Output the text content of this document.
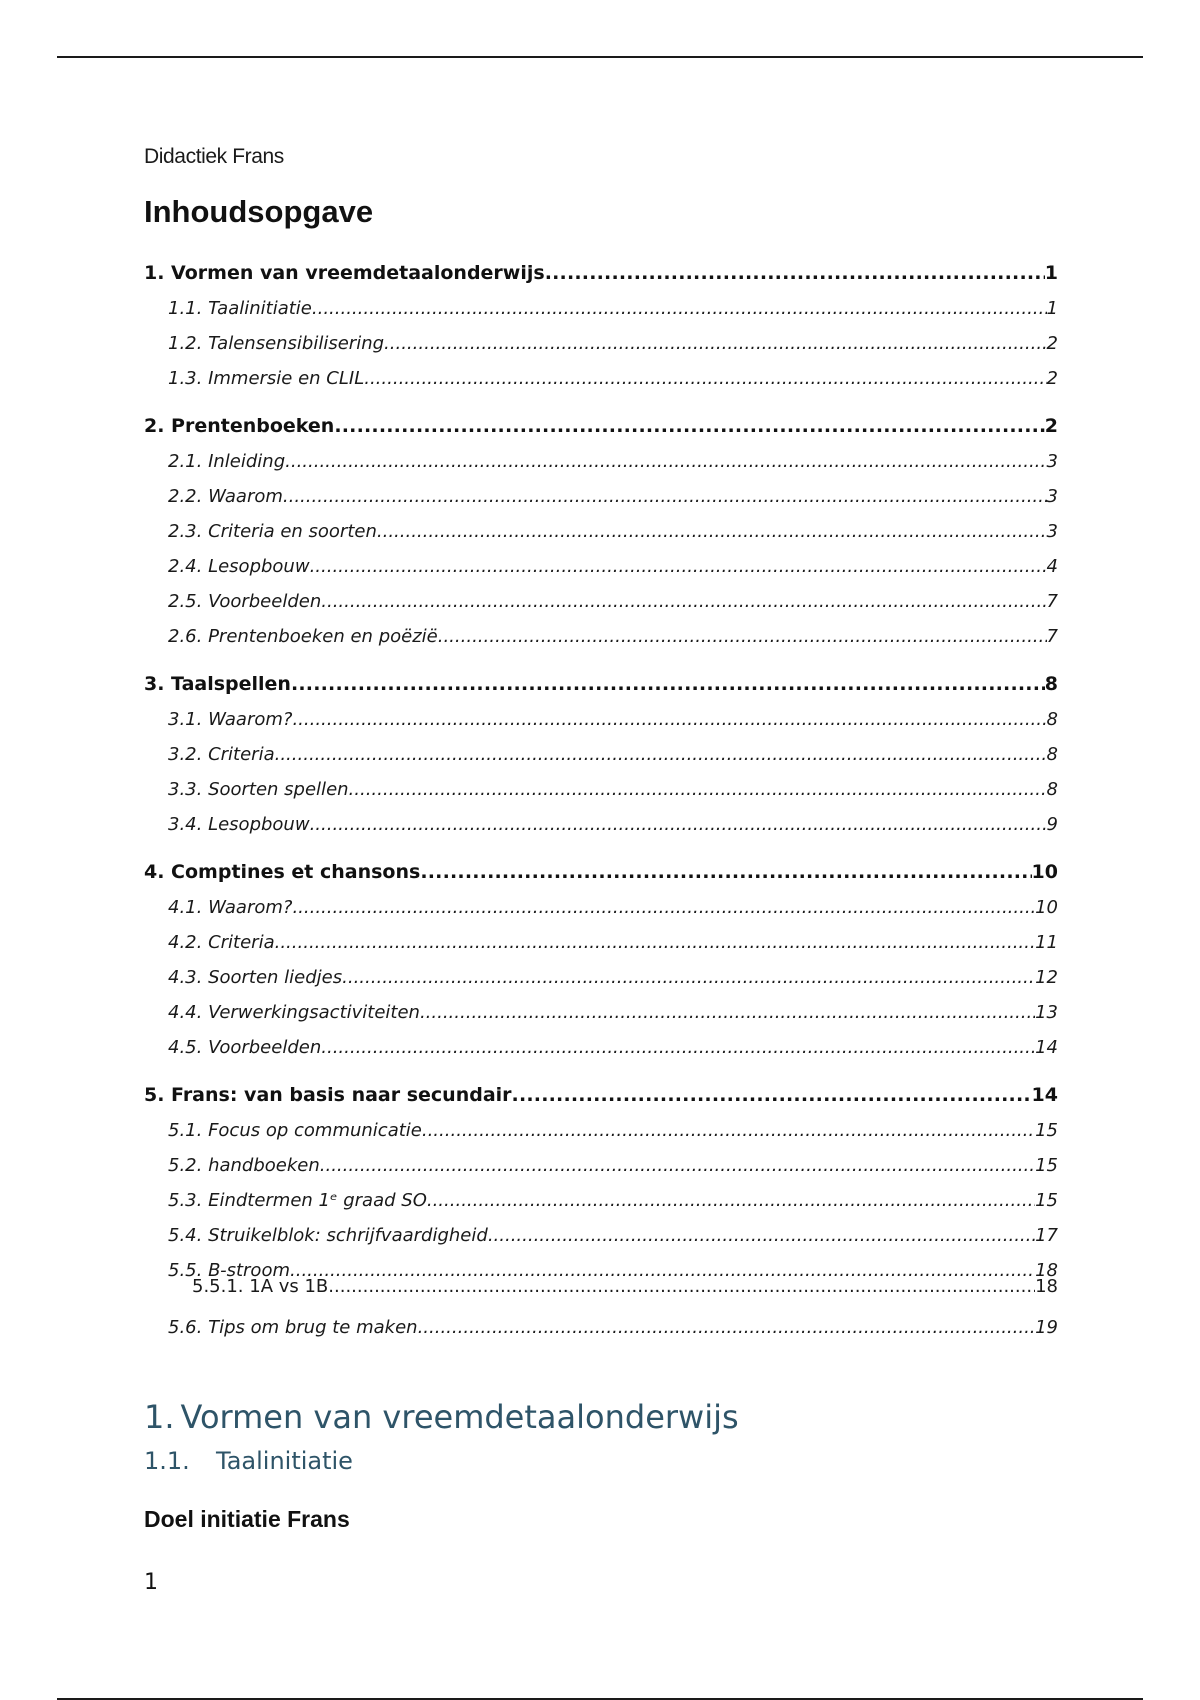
Didactiek Frans
Inhoudsopgave
1. Vormen van vreemdetaalonderwijs .....	1
1.1. Taalinitiatie .....	1
1.2. Talensensibilisering .....	2
1.3. Immersie en CLIL .....	2
2. Prentenboeken .....	2
2.1. Inleiding .....	3
2.2. Waarom .....	3
2.3. Criteria en soorten .....	3
2.4. Lesopbouw .....	4
2.5. Voorbeelden .....	7
2.6. Prentenboeken en poëzië .....	7
3. Taalspellen .....	8
3.1. Waarom? .....	8
3.2. Criteria .....	8
3.3. Soorten spellen .....	8
3.4. Lesopbouw .....	9
4. Comptines et chansons .....	10
4.1. Waarom? .....	10
4.2. Criteria .....	11
4.3. Soorten liedjes .....	12
4.4. Verwerkingsactiviteiten .....	13
4.5. Voorbeelden .....	14
5. Frans: van basis naar secundair .....	14
5.1. Focus op communicatie .....	15
5.2. handboeken .....	15
5.3. Eindtermen 1ᵉ graad SO .....	15
5.4. Struikelblok: schrijfvaardigheid .....	17
5.5. B-stroom .....	18
5.5.1. 1A vs 1B .....	18
5.6. Tips om brug te maken .....	19
1. Vormen van vreemdetaalonderwijs
1.1. Taalinitiatie
Doel initiatie Frans
1
